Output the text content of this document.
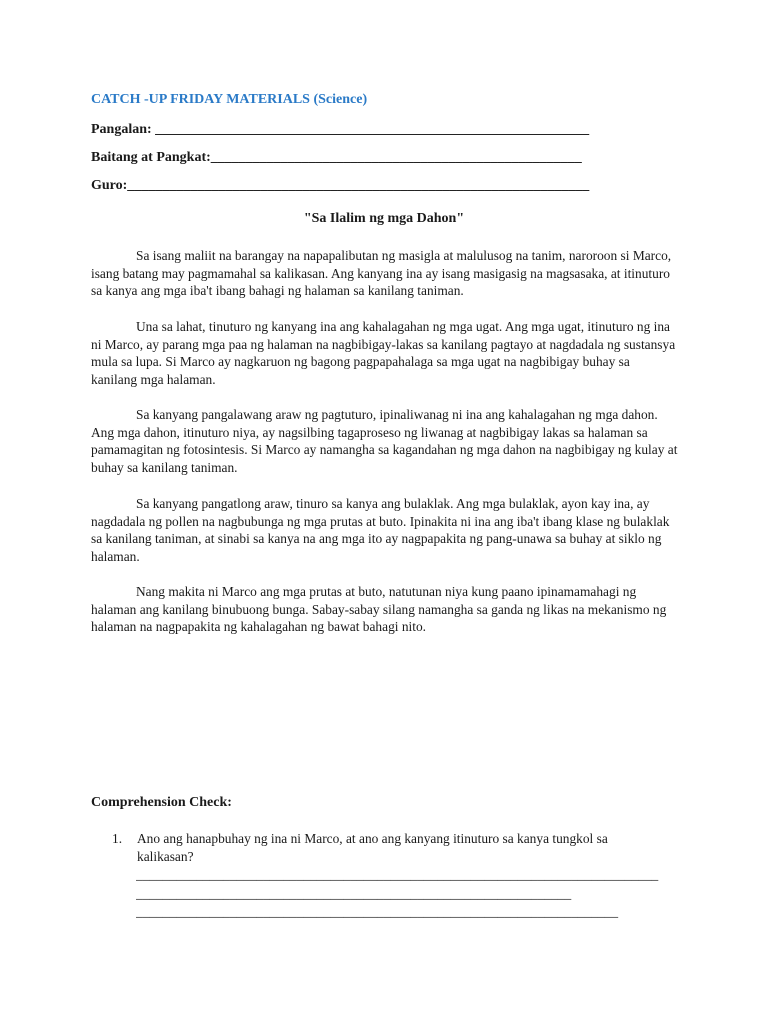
CATCH -UP FRIDAY MATERIALS (Science)
Pangalan: ______________________________________________________________
Baitang at Pangkat:_____________________________________________________
Guro:__________________________________________________________________
"Sa Ilalim ng mga Dahon"

Sa isang maliit na barangay na napapalibutan ng masigla at malulusog na tanim, naroroon si Marco, isang batang may pagmamahal sa kalikasan. Ang kanyang ina ay isang masigasig na magsasaka, at itinuturo sa kanya ang mga iba't ibang bahagi ng halaman sa kanilang taniman.

Una sa lahat, tinuturo ng kanyang ina ang kahalagahan ng mga ugat. Ang mga ugat, itinuturo ng ina ni Marco, ay parang mga paa ng halaman na nagbibigay-lakas sa kanilang pagtayo at nagdadala ng sustansya mula sa lupa. Si Marco ay nagkaruon ng bagong pagpapahalaga sa mga ugat na nagbibigay buhay sa kanilang mga halaman.

Sa kanyang pangalawang araw ng pagtuturo, ipinaliwanag ni ina ang kahalagahan ng mga dahon. Ang mga dahon, itinuturo niya, ay nagsilbing tagaproseso ng liwanag at nagbibigay lakas sa halaman sa pamamagitan ng fotosintesis. Si Marco ay namangha sa kagandahan ng mga dahon na nagbibigay ng kulay at buhay sa kanilang taniman.

Sa kanyang pangatlong araw, tinuro sa kanya ang bulaklak. Ang mga bulaklak, ayon kay ina, ay nagdadala ng pollen na nagbubunga ng mga prutas at buto. Ipinakita ni ina ang iba't ibang klase ng bulaklak sa kanilang taniman, at sinabi sa kanya na ang mga ito ay nagpapakita ng pang-unawa sa buhay at siklo ng halaman.

Nang makita ni Marco ang mga prutas at buto, natutunan niya kung paano ipinamamahagi ng halaman ang kanilang binubuong bunga. Sabay-sabay silang namangha sa ganda ng likas na mekanismo ng halaman na nagpapakita ng kahalagahan ng bawat bahagi nito.

Comprehension Check:
1. Ano ang hanapbuhay ng ina ni Marco, at ano ang kanyang itinuturo sa kanya tungkol sa kalikasan?
______________________________________________________________________________
_________________________________________________________________
________________________________________________________________________
